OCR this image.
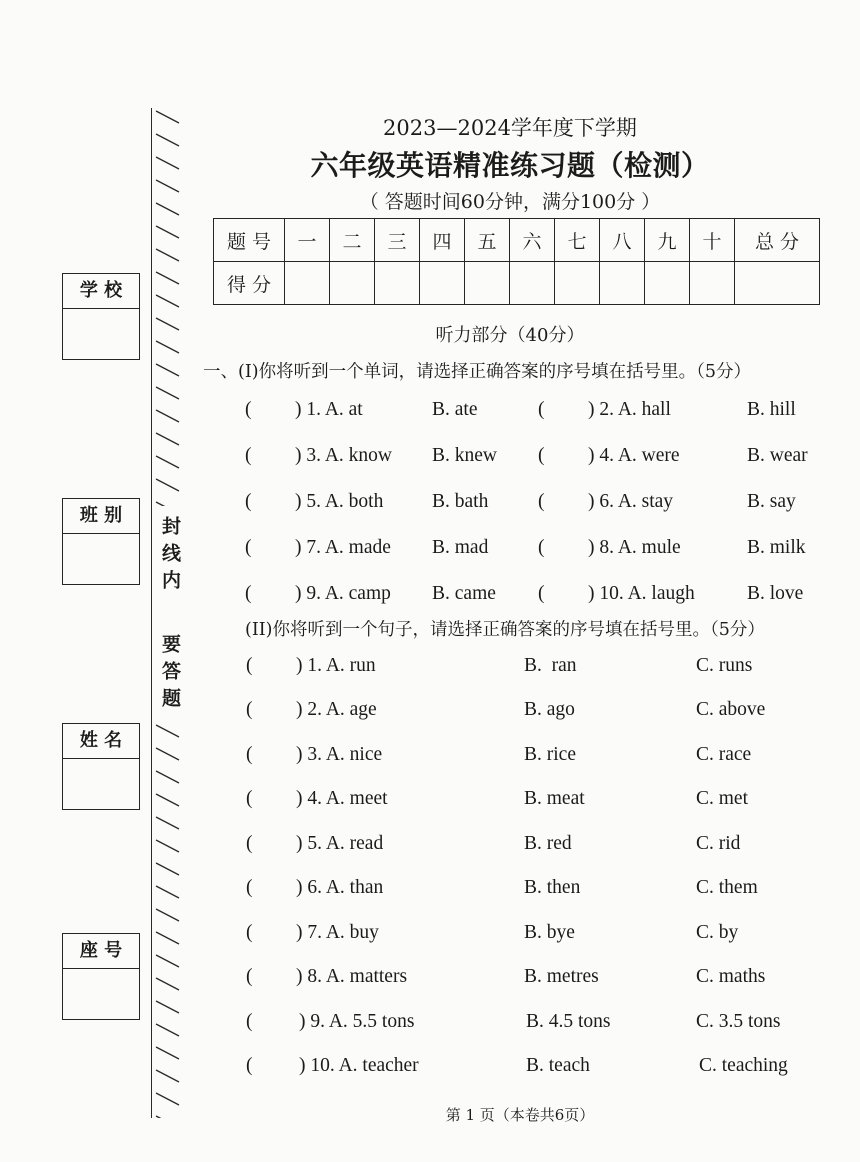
学 校
班 别
姓 名
座 号
封线内
要答题
2023—2024学年度下学期
六年级英语精准练习题（检测）
（ 答题时间60分钟，满分100分 ）
题 号	一	二	三	四	五	六	七	八	九	十	总 分
得 分											
听力部分（40分）
一、(I)你将听到一个单词，请选择正确答案的序号填在括号里。（5分）
( ) 1. A. at	B. ate	( ) 2. A. hall	B. hill
( ) 3. A. know B. knew ( ) 4. A. were	B. wear
( ) 5. A. both B. bath	( ) 6. A. stay	B. say
( ) 7. A. made B. mad	( ) 8. A. mule	B. milk
( ) 9. A. camp B. came ( ) 10. A. laugh	B. love
(II)你将听到一个句子，请选择正确答案的序号填在括号里。（5分）
( ) 1. A. run	B.  ran	C. runs
( ) 2. A. age	B. ago	C. above
( ) 3. A. nice	B. rice	C. race
( ) 4. A. meet	B. meat	C. met
( ) 5. A. read	B. red	C. rid
( ) 6. A. than	B. then	C. them
( ) 7. A. buy	B. bye	C. by
( ) 8. A. matters	B. metres	C. maths
( ) 9. A. 5.5 tons	B. 4.5 tons	C. 3.5 tons
( ) 10. A. teacher	B. teach	C. teaching
第 1 页（本卷共6页）
